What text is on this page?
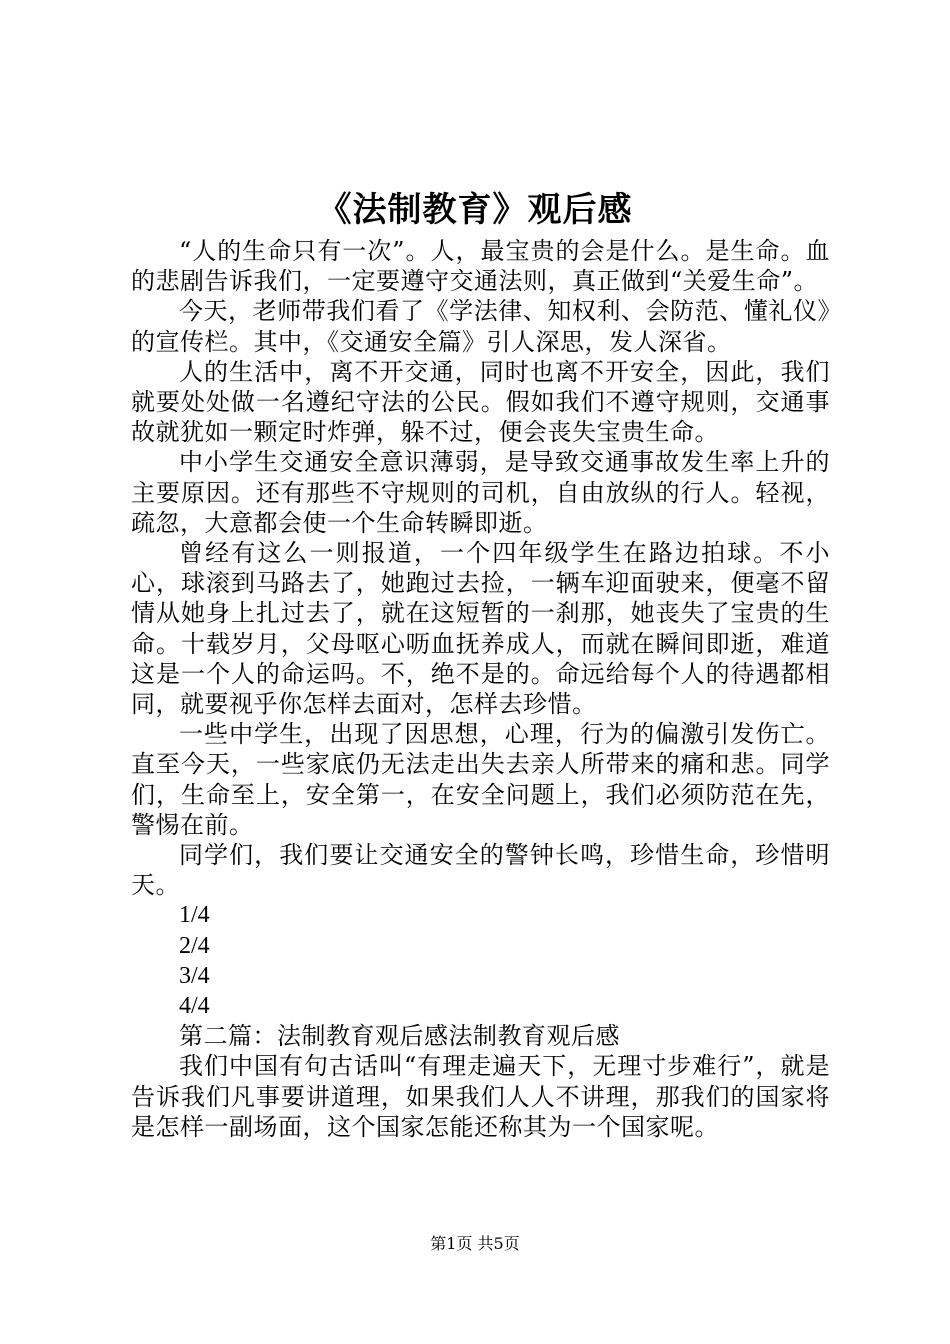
《法制教育》观后感

“人的生命只有一次”。人，最宝贵的会是什么。是生命。血的悲剧告诉我们，一定要遵守交通法则，真正做到“关爱生命”。

今天，老师带我们看了《学法律、知权利、会防范、懂礼仪》的宣传栏。其中，《交通安全篇》引人深思，发人深省。

人的生活中，离不开交通，同时也离不开安全，因此，我们就要处处做一名遵纪守法的公民。假如我们不遵守规则，交通事故就犹如一颗定时炸弹，躲不过，便会丧失宝贵生命。

中小学生交通安全意识薄弱，是导致交通事故发生率上升的主要原因。还有那些不守规则的司机，自由放纵的行人。轻视，疏忽，大意都会使一个生命转瞬即逝。

曾经有这么一则报道，一个四年级学生在路边拍球。不小心，球滚到马路去了，她跑过去捡，一辆车迎面驶来，便毫不留情从她身上扎过去了，就在这短暂的一刹那，她丧失了宝贵的生命。十载岁月，父母呕心呖血抚养成人，而就在瞬间即逝，难道这是一个人的命运吗。不，绝不是的。命远给每个人的待遇都相同，就要视乎你怎样去面对，怎样去珍惜。

一些中学生，出现了因思想，心理，行为的偏激引发伤亡。直至今天，一些家底仍无法走出失去亲人所带来的痛和悲。同学们，生命至上，安全第一，在安全问题上，我们必须防范在先，警惕在前。

同学们，我们要让交通安全的警钟长鸣，珍惜生命，珍惜明天。

1/4

2/4

3/4

4/4

第二篇：法制教育观后感法制教育观后感

我们中国有句古话叫“有理走遍天下，无理寸步难行”，就是告诉我们凡事要讲道理，如果我们人人不讲理，那我们的国家将是怎样一副场面，这个国家怎能还称其为一个国家呢。

第1页 共5页
